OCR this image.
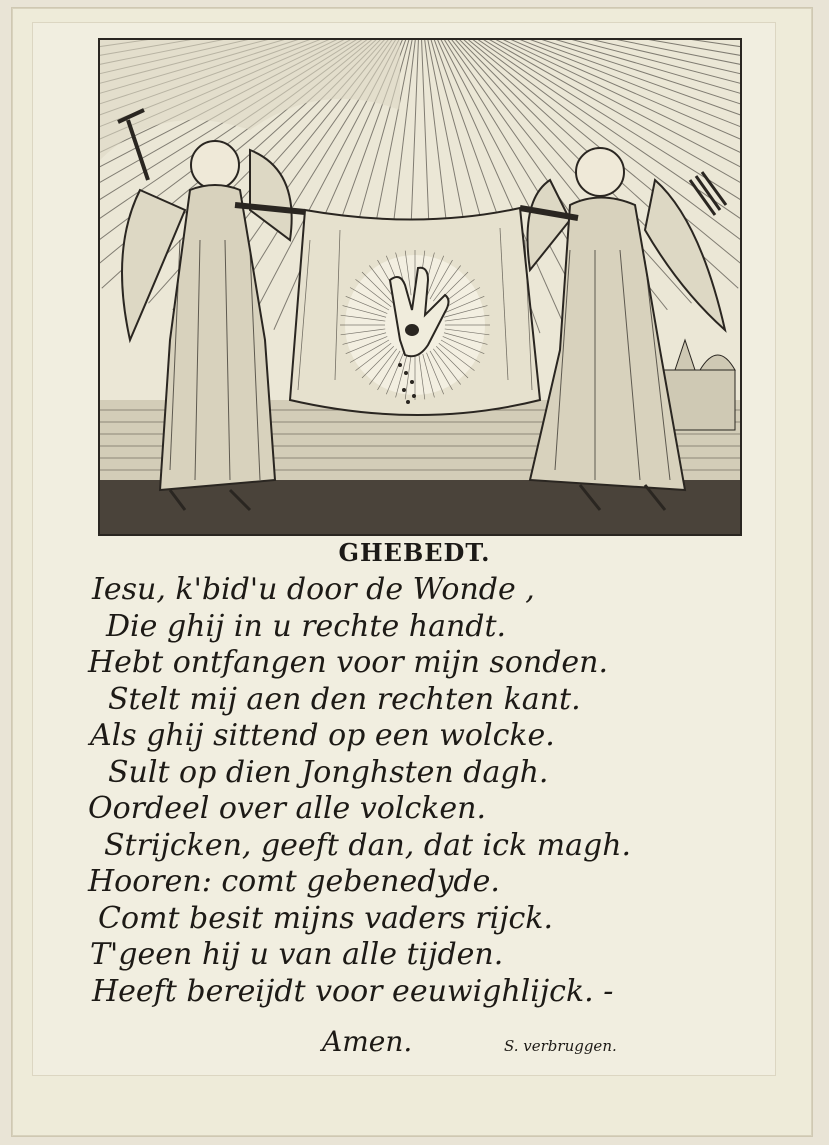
GHEBEDT.
Iesu, k'bid'u door de Wonde ,
Die ghij in u rechte handt.
Hebt ontfangen voor mijn sonden.
Stelt mij aen den rechten kant.
Als ghij sittend op een wolcke.
Sult op dien Jonghsten dagh.
Oordeel over alle volcken.
Strijcken, geeft dan, dat ick magh.
Hooren: comt gebenedyde.
Comt besit mijns vaders rijck.
T'geen hij u van alle tijden.
Heeft bereijdt voor eeuwighlijck. -
Amen.	S. verbruggen.
